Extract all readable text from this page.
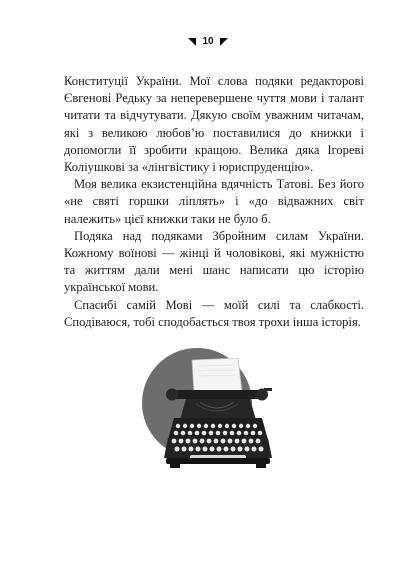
10

Конституції України. Мої слова подяки редакторові Євгенові Редьку за неперевершене чуття мови і талант читати та відчутувати. Дякую своїм уважним читачам, які з великою любов’ю поставилися до книжки і допомогли її зробити кращою. Велика дяка Ігореві Коліушкові за «лінгвістику і юриспруденцію».

Моя велика екзистенційна вдячність Татові. Без його «не святі горшки ліплять» і «до відважних світ належить» цієї книжки таки не було б.

Подяка над подяками Збройним силам України. Кожному воїнові — жінці й чоловікові, які мужністю та життям дали мені шанс написати цю історію української мови.

Спасибі самій Мові — моїй силі та слабкості. Сподіваюся, тобі сподобається твоя трохи інша історія.
